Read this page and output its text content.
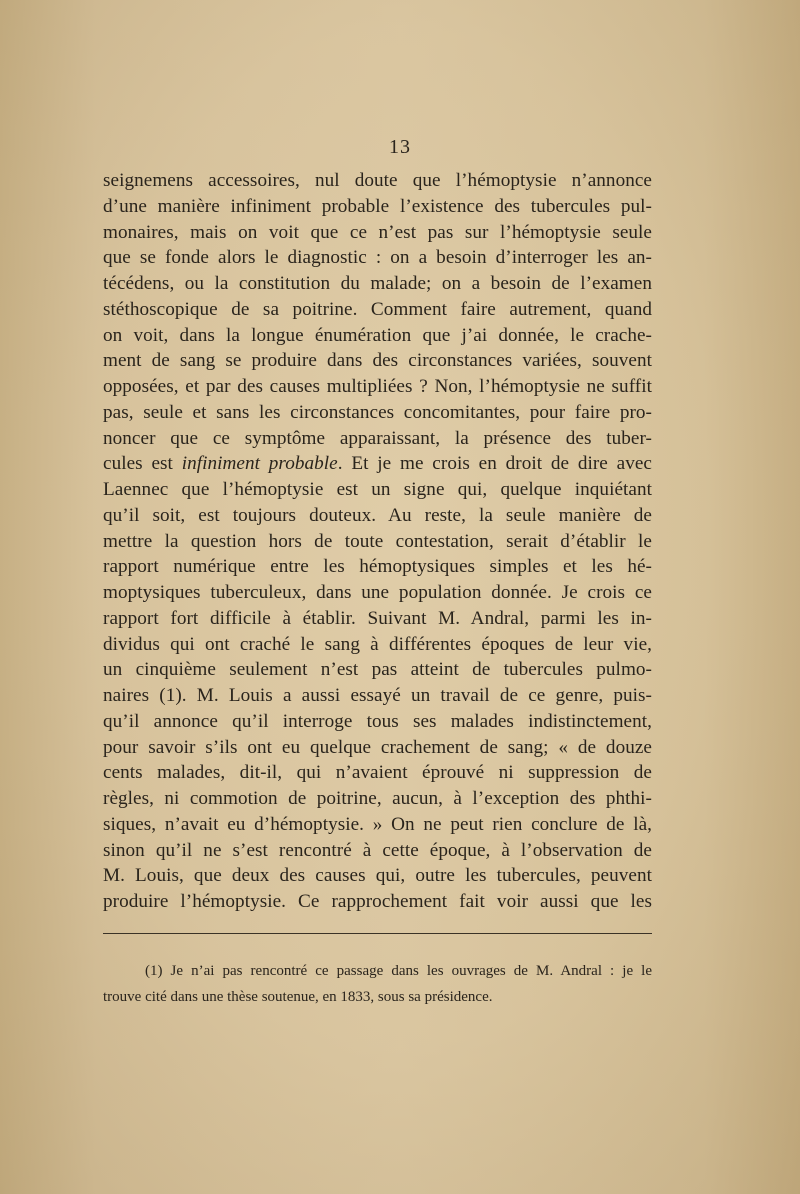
13
seignemens accessoires, nul doute que l’hémoptysie n’annonce
d’une manière infiniment probable l’existence des tubercules pul-
monaires, mais on voit que ce n’est pas sur l’hémoptysie seule
que se fonde alors le diagnostic : on a besoin d’interroger les an-
técédens, ou la constitution du malade; on a besoin de l’examen
stéthoscopique de sa poitrine. Comment faire autrement, quand
on voit, dans la longue énumération que j’ai donnée, le crache-
ment de sang se produire dans des circonstances variées, souvent
opposées, et par des causes multipliées ? Non, l’hémoptysie ne suffit
pas, seule et sans les circonstances concomitantes, pour faire pro-
noncer que ce symptôme apparaissant, la présence des tuber-
cules est infiniment probable. Et je me crois en droit de dire avec
Laennec que l’hémoptysie est un signe qui, quelque inquiétant
qu’il soit, est toujours douteux. Au reste, la seule manière de
mettre la question hors de toute contestation, serait d’établir le
rapport numérique entre les hémoptysiques simples et les hé-
moptysiques tuberculeux, dans une population donnée. Je crois ce
rapport fort difficile à établir. Suivant M. Andral, parmi les in-
dividus qui ont craché le sang à différentes époques de leur vie,
un cinquième seulement n’est pas atteint de tubercules pulmo-
naires (1). M. Louis a aussi essayé un travail de ce genre, puis-
qu’il annonce qu’il interroge tous ses malades indistinctement,
pour savoir s’ils ont eu quelque crachement de sang; « de douze
cents malades, dit-il, qui n’avaient éprouvé ni suppression de
règles, ni commotion de poitrine, aucun, à l’exception des phthi-
siques, n’avait eu d’hémoptysie. » On ne peut rien conclure de là,
sinon qu’il ne s’est rencontré à cette époque, à l’observation de
M. Louis, que deux des causes qui, outre les tubercules, peuvent
produire l’hémoptysie. Ce rapprochement fait voir aussi que les
(1) Je n’ai pas rencontré ce passage dans les ouvrages de M. Andral : je le
trouve cité dans une thèse soutenue, en 1833, sous sa présidence.
